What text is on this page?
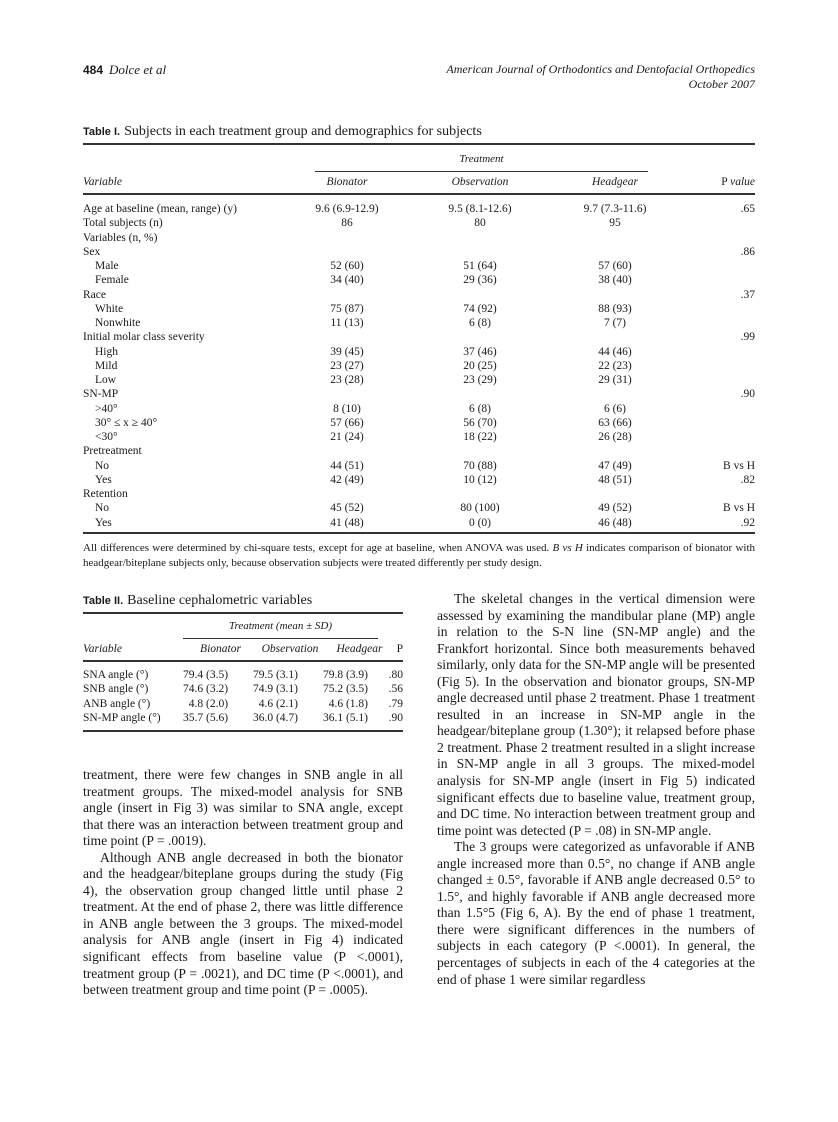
484 Dolce et al	American Journal of Orthodontics and Dentofacial Orthopedics
October 2007
Table I. Subjects in each treatment group and demographics for subjects
Treatment
Variable	Bionator	Observation	Headgear	P value
Age at baseline (mean, range) (y)	9.6 (6.9-12.9)	9.5 (8.1-12.6)	9.7 (7.3-11.6)	.65
Total subjects (n)	86	80	95	
Variables (n, %)				
Sex				.86
Male	52 (60)	51 (64)	57 (60)	
Female	34 (40)	29 (36)	38 (40)	
Race				.37
White	75 (87)	74 (92)	88 (93)	
Nonwhite	11 (13)	6 (8)	7 (7)	
Initial molar class severity				.99
High	39 (45)	37 (46)	44 (46)	
Mild	23 (27)	20 (25)	22 (23)	
Low	23 (28)	23 (29)	29 (31)	
SN-MP				.90
>40°	8 (10)	6 (8)	6 (6)	
30° ≤ x ≥ 40°	57 (66)	56 (70)	63 (66)	
<30°	21 (24)	18 (22)	26 (28)	
Pretreatment				
No	44 (51)	70 (88)	47 (49)	B vs H
Yes	42 (49)	10 (12)	48 (51)	.82
Retention				
No	45 (52)	80 (100)	49 (52)	B vs H
Yes	41 (48)	0 (0)	46 (48)	.92
All differences were determined by chi-square tests, except for age at baseline, when ANOVA was used. B vs H indicates comparison of bionator with headgear/biteplane subjects only, because observation subjects were treated differently per study design.
Table II. Baseline cephalometric variables
Treatment (mean ± SD)
Variable	Bionator	Observation	Headgear	P
SNA angle (°)	79.4 (3.5)	79.5 (3.1)	79.8 (3.9)	.80
SNB angle (°)	74.6 (3.2)	74.9 (3.1)	75.2 (3.5)	.56
ANB angle (°)	4.8 (2.0)	4.6 (2.1)	4.6 (1.8)	.79
SN-MP angle (°)	35.7 (5.6)	36.0 (4.7)	36.1 (5.1)	.90

treatment, there were few changes in SNB angle in all treatment groups. The mixed-model analysis for SNB angle (insert in Fig 3) was similar to SNA angle, except that there was an interaction between treatment group and time point (P = .0019).

Although ANB angle decreased in both the bionator and the headgear/biteplane groups during the study (Fig 4), the observation group changed little until phase 2 treatment. At the end of phase 2, there was little difference in ANB angle between the 3 groups. The mixed-model analysis for ANB angle (insert in Fig 4) indicated significant effects from baseline value (P <.0001), treatment group (P = .0021), and DC time (P <.0001), and between treatment group and time point (P = .0005).

The skeletal changes in the vertical dimension were assessed by examining the mandibular plane (MP) angle in relation to the S-N line (SN-MP angle) and the Frankfort horizontal. Since both measurements behaved similarly, only data for the SN-MP angle will be presented (Fig 5). In the observation and bionator groups, SN-MP angle decreased until phase 2 treatment. Phase 1 treatment resulted in an increase in SN-MP angle in the headgear/biteplane group (1.30°); it relapsed before phase 2 treatment. Phase 2 treatment resulted in a slight increase in SN-MP angle in all 3 groups. The mixed-model analysis for SN-MP angle (insert in Fig 5) indicated significant effects due to baseline value, treatment group, and DC time. No interaction between treatment group and time point was detected (P = .08) in SN-MP angle.

The 3 groups were categorized as unfavorable if ANB angle increased more than 0.5°, no change if ANB angle changed ± 0.5°, favorable if ANB angle decreased 0.5° to 1.5°, and highly favorable if ANB angle decreased more than 1.5°5 (Fig 6, A). By the end of phase 1 treatment, there were significant differences in the numbers of subjects in each category (P <.0001). In general, the percentages of subjects in each of the 4 categories at the end of phase 1 were similar regardless
